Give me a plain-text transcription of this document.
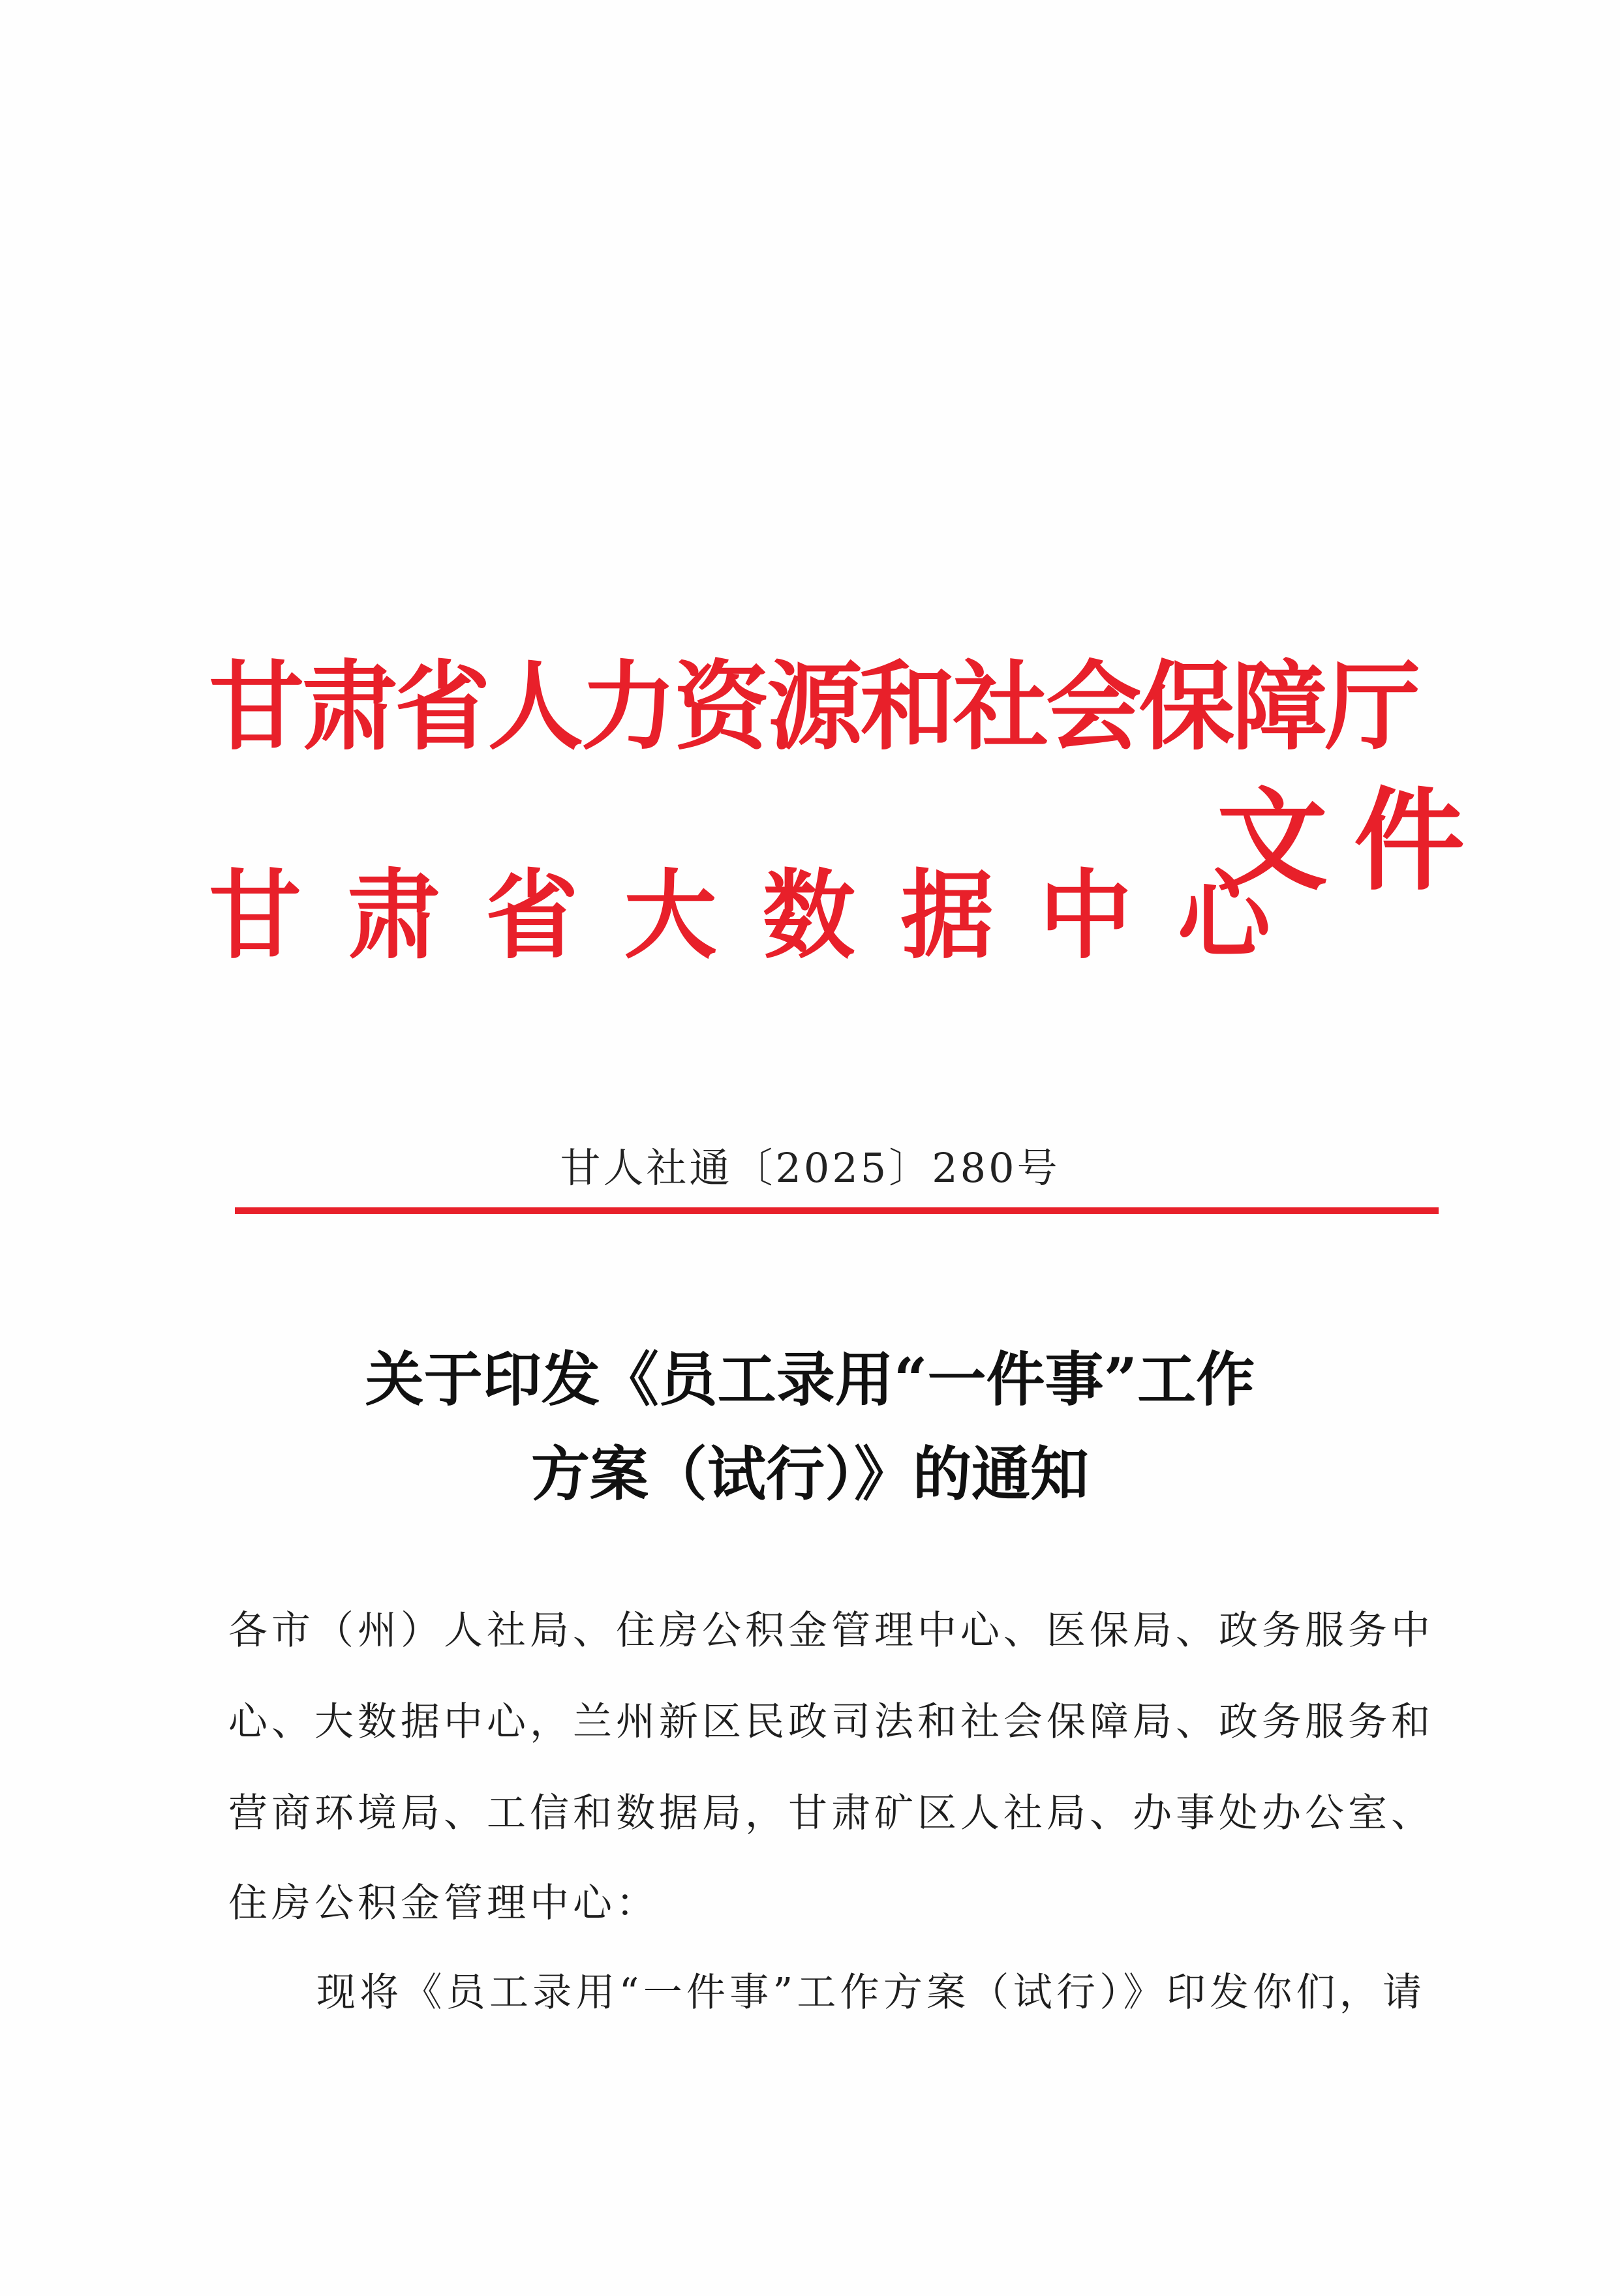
甘肃省人力资源和社会保障厅
甘肃省大数据中心
文件
甘人社通〔2025〕280号
关于印发《员工录用“一件事”工作
方案（试行）》的通知
各市（州）人社局、住房公积金管理中心、医保局、政务服务中
心、大数据中心，兰州新区民政司法和社会保障局、政务服务和
营商环境局、工信和数据局，甘肃矿区人社局、办事处办公室、
住房公积金管理中心：
现将《员工录用“一件事”工作方案（试行）》印发你们，请
